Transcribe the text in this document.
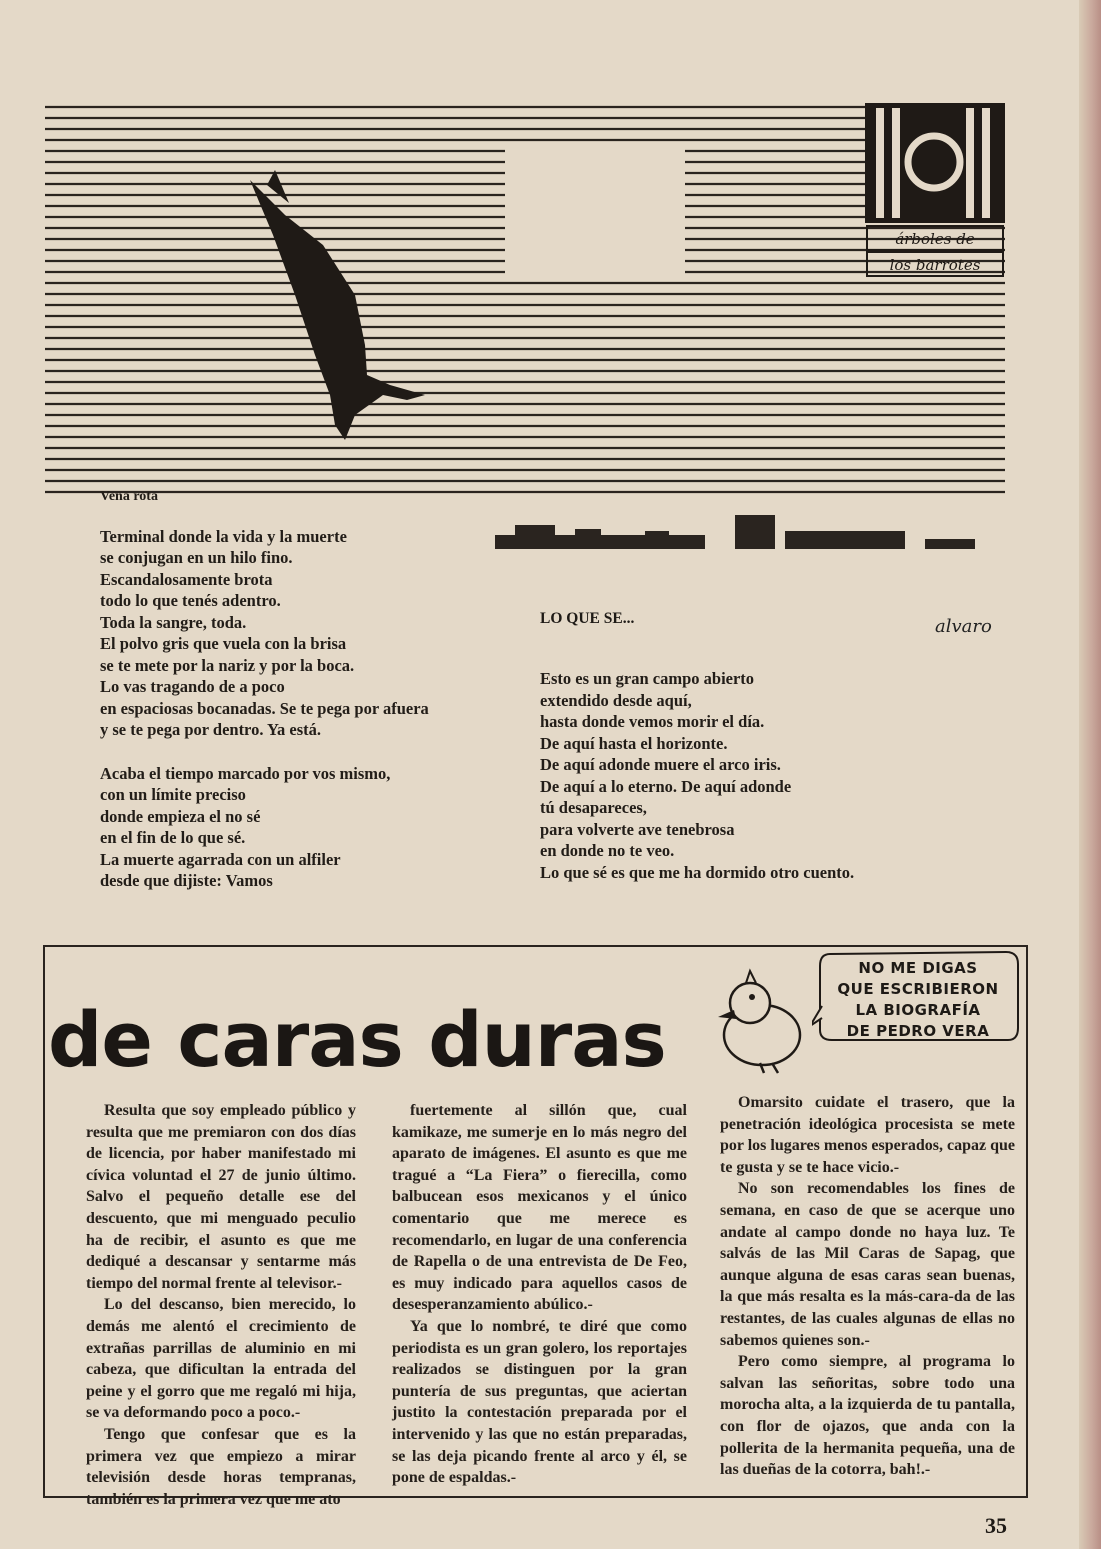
árboles de
los barrotes

Vena rota

Terminal donde la vida y la muerte

se conjugan en un hilo fino.

Escandalosamente brota

todo lo que tenés adentro.

Toda la sangre, toda.

El polvo gris que vuela con la brisa

se te mete por la nariz y por la boca.

Lo vas tragando de a poco

en espaciosas bocanadas. Se te pega por afuera

y se te pega por dentro. Ya está.

Acaba el tiempo marcado por vos mismo,

con un límite preciso

donde empieza el no sé

en el fin de lo que sé.

La muerte agarrada con un alfiler

desde que dijiste: Vamos

LO QUE SE...

Esto es un gran campo abierto

extendido desde aquí,

hasta donde vemos morir el día.

De aquí hasta el horizonte.

De aquí adonde muere el arco iris.

De aquí a lo eterno. De aquí adonde

tú desapareces,

para volverte ave tenebrosa

en donde no te veo.

Lo que sé es que me ha dormido otro cuento.

alvaro
de caras duras
NO ME DIGAS
QUE ESCRIBIERON
LA BIOGRAFÍA
DE PEDRO VERA

Resulta que soy empleado público y resulta que me premiaron con dos días de licencia, por haber manifestado mi cívica voluntad el 27 de junio último. Salvo el pequeño detalle ese del descuento, que mi menguado peculio ha de recibir, el asunto es que me dediqué a descansar y sentarme más tiempo del normal frente al televisor.-

Lo del descanso, bien merecido, lo demás me alentó el crecimiento de extrañas parrillas de aluminio en mi cabeza, que dificultan la entrada del peine y el gorro que me regaló mi hija, se va deformando poco a poco.-

Tengo que confesar que es la primera vez que empiezo a mirar televisión desde horas tempranas, también es la primera vez que me ato

fuertemente al sillón que, cual kamikaze, me sumerje en lo más negro del aparato de imágenes. El asunto es que me tragué a “La Fiera” o fierecilla, como balbucean esos mexicanos y el único comentario que me merece es recomendarlo, en lugar de una conferencia de Rapella o de una entrevista de De Feo, es muy indicado para aquellos casos de desesperanzamiento abúlico.-

Ya que lo nombré, te diré que como periodista es un gran golero, los reportajes realizados se distinguen por la gran puntería de sus preguntas, que aciertan justito la contestación preparada por el intervenido y las que no están preparadas, se las deja picando frente al arco y él, se pone de espaldas.-

Omarsito cuidate el trasero, que la penetración ideológica procesista se mete por los lugares menos esperados, capaz que te gusta y se te hace vicio.-

No son recomendables los fines de semana, en caso de que se acerque uno andate al campo donde no haya luz. Te salvás de las Mil Caras de Sapag, que aunque alguna de esas caras sean buenas, la que más resalta es la más-cara-da de las restantes, de las cuales algunas de ellas no sabemos quienes son.-

Pero como siempre, al programa lo salvan las señoritas, sobre todo una morocha alta, a la izquierda de tu pantalla, con flor de ojazos, que anda con la pollerita de la hermanita pequeña, una de las dueñas de la cotorra, bah!.-

35
